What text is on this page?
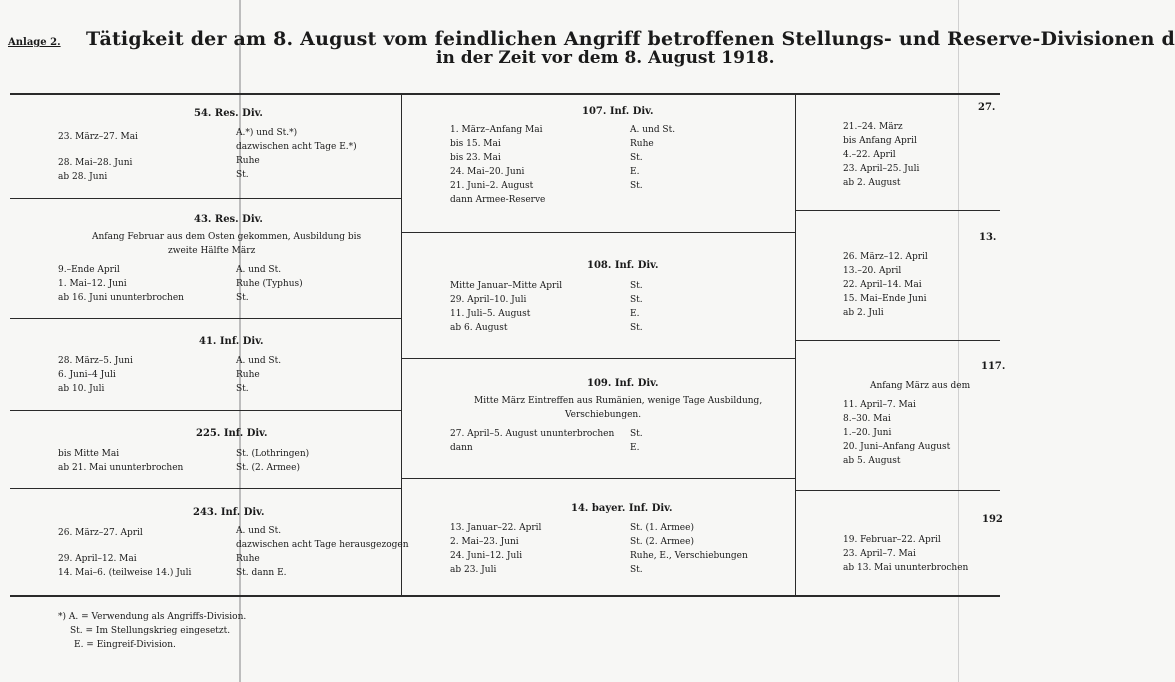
Anlage 2. Tätigkeit der am 8. August vom feindlichen Angriff betroffenen Stellungs- und Reserve-Divisionen d
in der Zeit vor dem 8. August 1918.
54. Res. Div.
23. März–27. Mai	A.*) und St.*)
dazwischen acht Tage E.*)
28. Mai–28. Juni	Ruhe
ab 28. Juni	St.
43. Res. Div.
Anfang Februar aus dem Osten gekommen, Ausbildung bis
zweite Hälfte März
9.–Ende April	A. und St.
1. Mai–12. Juni	Ruhe (Typhus)
ab 16. Juni ununterbrochen	St.
41. Inf. Div.
28. März–5. Juni	A. und St.
6. Juni–4 Juli	Ruhe
ab 10. Juli	St.
225. Inf. Div.
bis Mitte Mai	St. (Lothringen)
ab 21. Mai ununterbrochen	St. (2. Armee)
243. Inf. Div.
26. März–27. April	A. und St.
dazwischen acht Tage herausgezogen
29. April–12. Mai	Ruhe
14. Mai–6. (teilweise 14.) Juli	St. dann E.
107. Inf. Div.
1. März–Anfang Mai	A. und St.
bis 15. Mai	Ruhe
bis 23. Mai	St.
24. Mai–20. Juni	E.
21. Juni–2. August	St.
dann Armee-Reserve
108. Inf. Div.
Mitte Januar–Mitte April	St.
29. April–10. Juli	St.
11. Juli–5. August	E.
ab 6. August	St.
109. Inf. Div.
Mitte März Eintreffen aus Rumänien, wenige Tage Ausbildung,
Verschiebungen.
27. April–5. August ununterbrochen St.
dann	E.
14. bayer. Inf. Div.
13. Januar–22. April	St. (1. Armee)
2. Mai–23. Juni	St. (2. Armee)
24. Juni–12. Juli	Ruhe, E., Verschiebungen
ab 23. Juli	St.
27.
21.–24. März
bis Anfang April
4.–22. April
23. April–25. Juli
ab 2. August
13.
26. März–12. April
13.–20. April
22. April–14. Mai
15. Mai–Ende Juni
ab 2. Juli
117.
Anfang März aus dem
11. April–7. Mai
8.–30. Mai
1.–20. Juni
20. Juni–Anfang August
ab 5. August
192
19. Februar–22. April
23. April–7. Mai
ab 13. Mai ununterbrochen
*) A. = Verwendung als Angriffs-Division.
St. = Im Stellungskrieg eingesetzt.
E. = Eingreif-Division.
